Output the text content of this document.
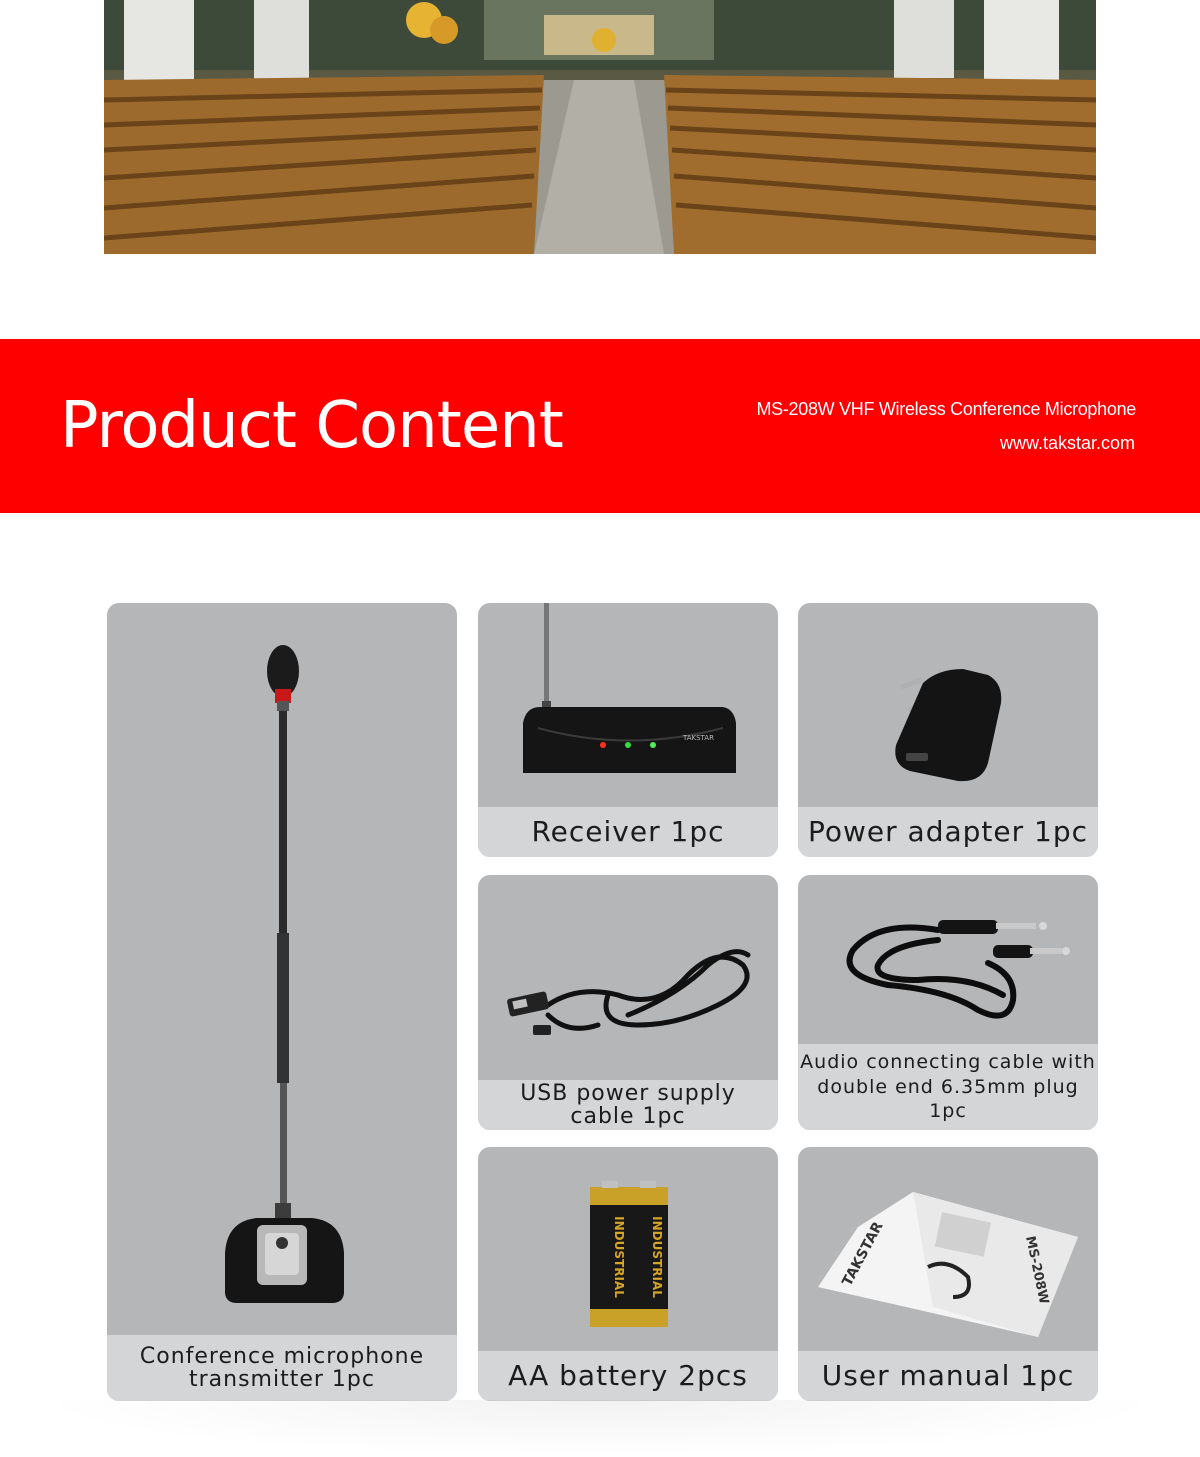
Product Content	MS-208W VHF Wireless Conference Microphone
www.takstar.com
Conference microphone
transmitter 1pc
TAKSTAR
Receiver 1pc	Power adapter 1pc
USB power supply
cable 1pc
Audio connecting cable with
double end 6.35mm plug 1pc
INDUSTRIAL INDUSTRIAL
AA battery 2pcs
TAKSTAR	MS-208W
User manual 1pc
